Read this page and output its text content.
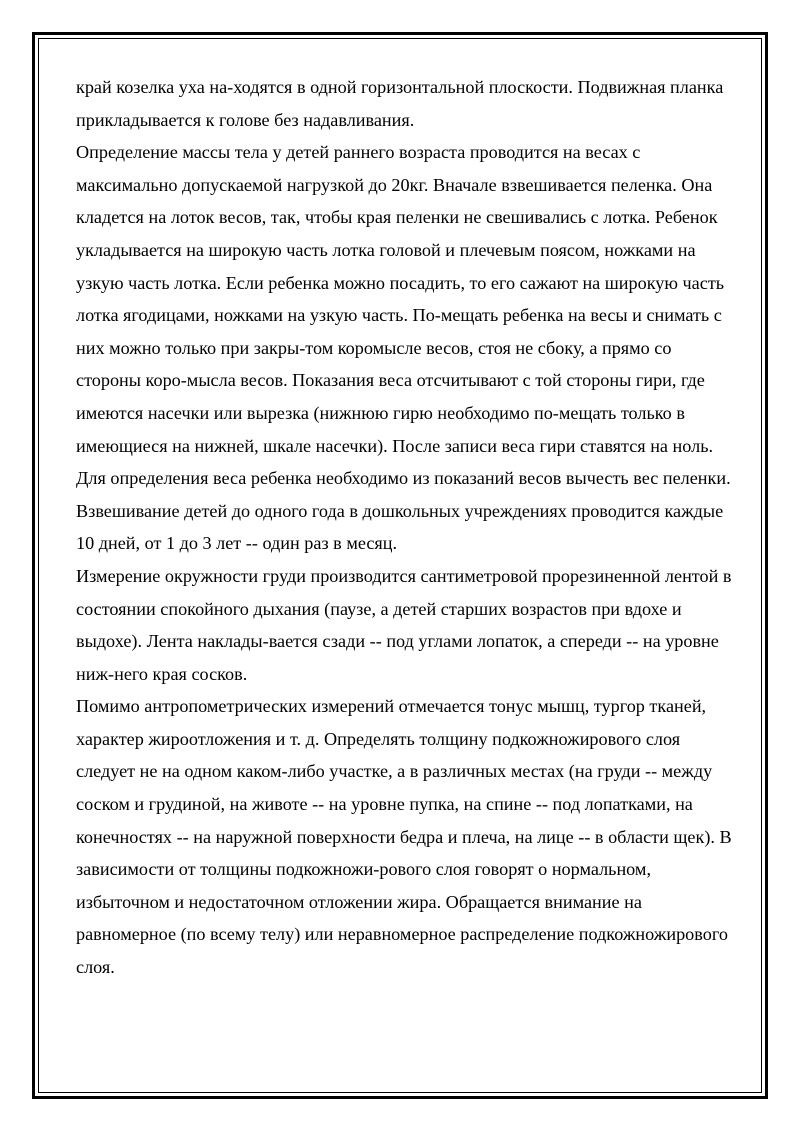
край козелка уха на-ходятся в одной горизонтальной плоскости. Подвижная планка прикладывается к голове без надавливания.

Определение массы тела у детей раннего возраста проводится на весах с максимально допускаемой нагрузкой до 20кг. Вначале взвешивается пеленка. Она кладется на лоток весов, так, чтобы края пеленки не свешивались с лотка. Ребенок укладывается на широкую часть лотка головой и плечевым поясом, ножками на узкую часть лотка. Если ребенка можно посадить, то его сажают на широкую часть лотка ягодицами, ножками на узкую часть. По-мещать ребенка на весы и снимать с них можно только при закры-том коромысле весов, стоя не сбоку, а прямо со стороны коро-мысла весов. Показания веса отсчитывают с той стороны гири, где имеются насечки или вырезка (нижнюю гирю необходимо по-мещать только в имеющиеся на нижней, шкале насечки). После записи веса гири ставятся на ноль. Для определения веса ребенка необходимо из показаний весов вычесть вес пеленки.

Взвешивание детей до одного года в дошкольных учреждениях проводится каждые 10 дней, от 1 до 3 лет -- один раз в месяц.

Измерение окружности груди производится сантиметровой прорезиненной лентой в состоянии спокойного дыхания (паузе, а детей старших возрастов при вдохе и выдохе). Лента наклады-вается сзади -- под углами лопаток, а спереди -- на уровне ниж-него края сосков.

Помимо антропометрических измерений отмечается тонус мышц, тургор тканей, характер жироотложения и т. д. Определять толщину подкожножирового слоя следует не на одном каком-либо участке, а в различных местах (на груди -- между соском и грудиной, на животе -- на уровне пупка, на спине -- под лопатками, на конечностях -- на наружной поверхности бедра и плеча, на лице -- в области щек). В зависимости от толщины подкожножи-рового слоя говорят о нормальном, избыточном и недостаточном отложении жира. Обращается внимание на равномерное (по всему телу) или неравномерное распределение подкожножирового слоя.
